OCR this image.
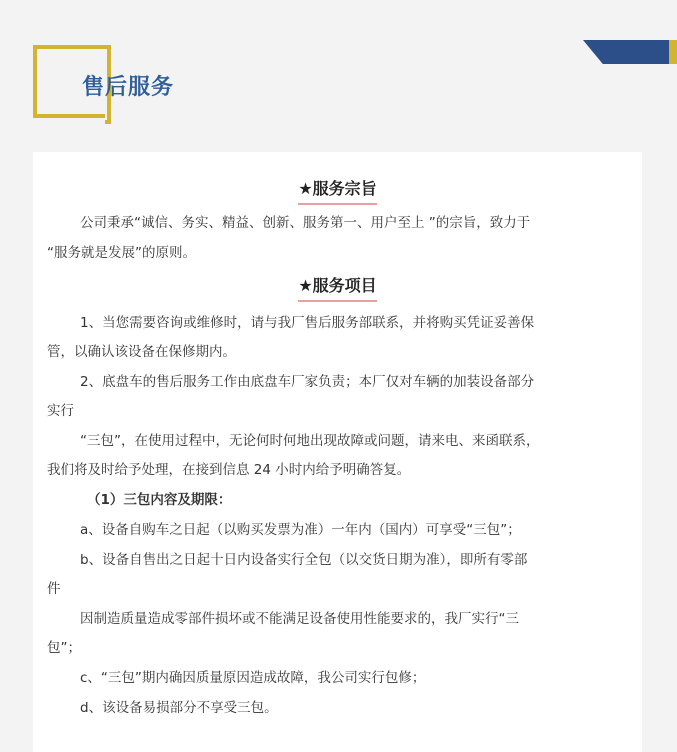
售后服务
★服务宗旨
公司秉承“诚信、务实、精益、创新、服务第一、用户至上 ”的宗旨，致力于
“服务就是发展”的原则。
★服务项目
1、当您需要咨询或维修时，请与我厂售后服务部联系，并将购买凭证妥善保
管，以确认该设备在保修期内。
2、底盘车的售后服务工作由底盘车厂家负责；本厂仅对车辆的加装设备部分
实行
“三包”，在使用过程中，无论何时何地出现故障或问题，请来电、来函联系，
我们将及时给予处理，在接到信息 24 小时内给予明确答复。
（1）三包内容及期限：
a、设备自购车之日起（以购买发票为准）一年内（国内）可享受“三包”；
b、设备自售出之日起十日内设备实行全包（以交货日期为准），即所有零部
件
因制造质量造成零部件损坏或不能满足设备使用性能要求的，我厂实行“三
包”；
c、“三包”期内确因质量原因造成故障，我公司实行包修；
d、该设备易损部分不享受三包。
